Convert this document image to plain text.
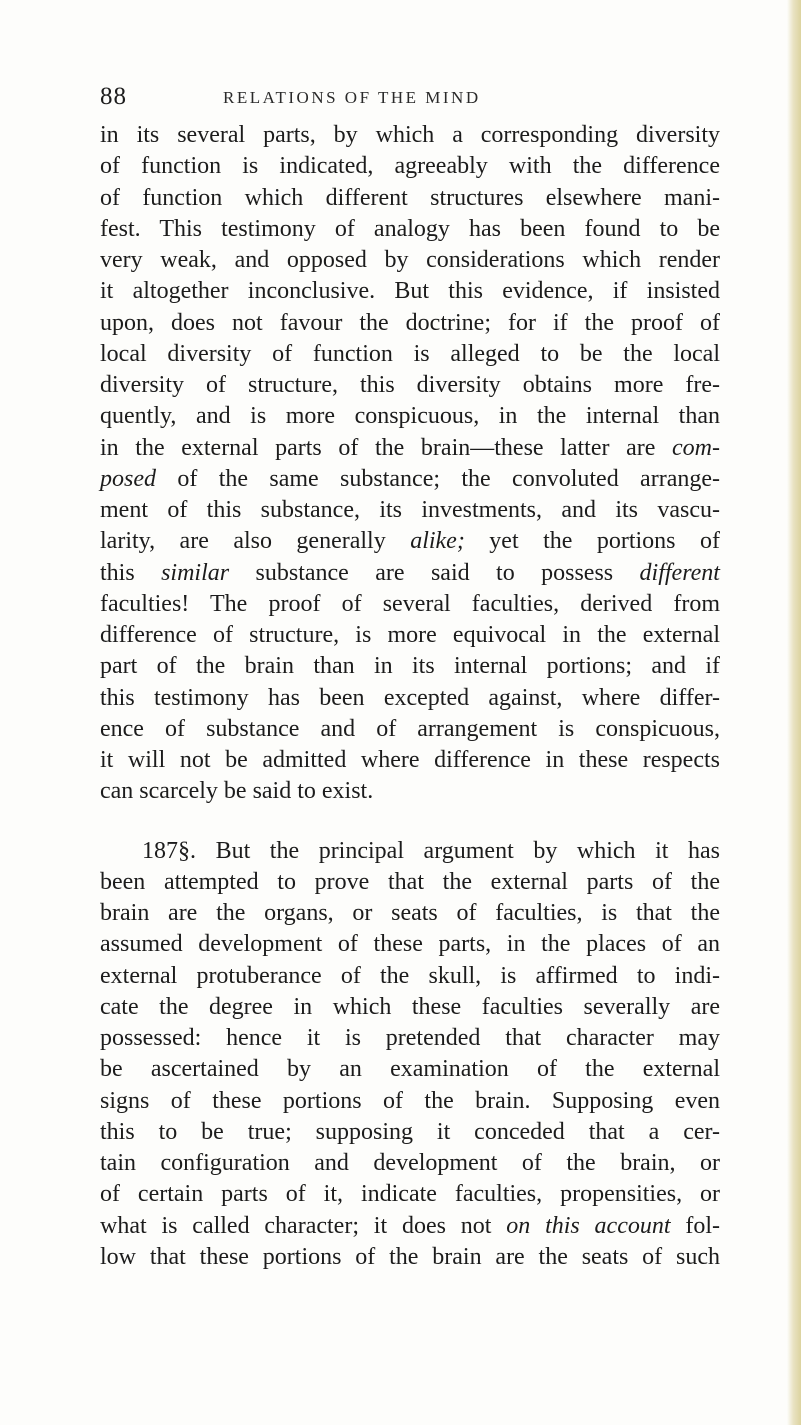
88	RELATIONS OF THE MIND
in its several parts, by which a corresponding diversity
of function is indicated, agreeably with the difference
of function which different structures elsewhere mani-
fest. This testimony of analogy has been found to be
very weak, and opposed by considerations which render
it altogether inconclusive. But this evidence, if insisted
upon, does not favour the doctrine; for if the proof of
local diversity of function is alleged to be the local
diversity of structure, this diversity obtains more fre-
quently, and is more conspicuous, in the internal than
in the external parts of the brain—these latter are com-
posed of the same substance; the convoluted arrange-
ment of this substance, its investments, and its vascu-
larity, are also generally alike; yet the portions of
this similar substance are said to possess different
faculties! The proof of several faculties, derived from
difference of structure, is more equivocal in the external
part of the brain than in its internal portions; and if
this testimony has been excepted against, where differ-
ence of substance and of arrangement is conspicuous,
it will not be admitted where difference in these respects
can scarcely be said to exist.
187§. But the principal argument by which it has
been attempted to prove that the external parts of the
brain are the organs, or seats of faculties, is that the
assumed development of these parts, in the places of an
external protuberance of the skull, is affirmed to indi-
cate the degree in which these faculties severally are
possessed: hence it is pretended that character may
be ascertained by an examination of the external
signs of these portions of the brain. Supposing even
this to be true; supposing it conceded that a cer-
tain configuration and development of the brain, or
of certain parts of it, indicate faculties, propensities, or
what is called character; it does not on this account fol-
low that these portions of the brain are the seats of such
